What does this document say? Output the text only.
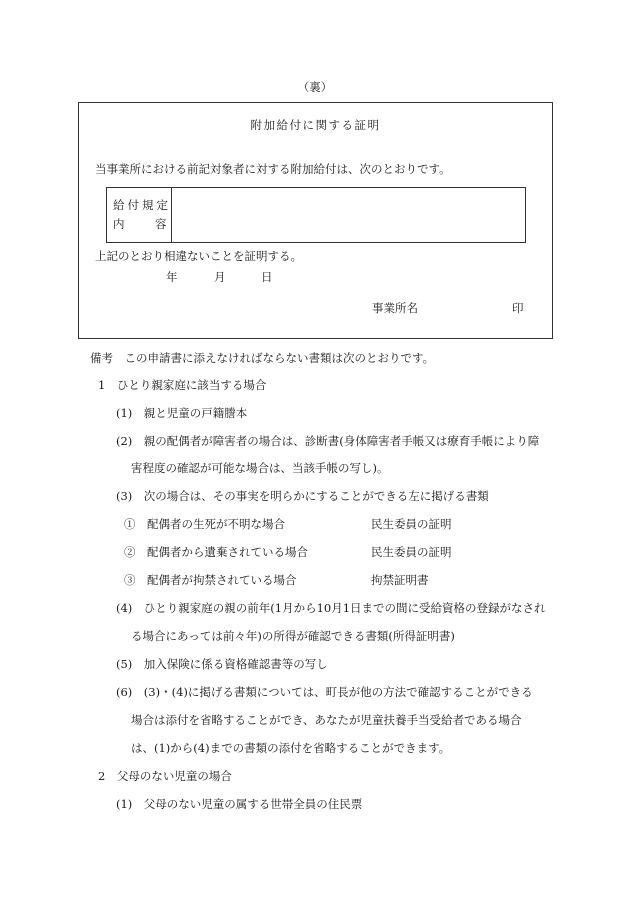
（裏）
附加給付に関する証明
当事業所における前記対象者に対する附加給付は、次のとおりです。
給付規定
内	容
上記のとおり相違ないことを証明する。
年	月	日
事業所名	印
備考　この申請書に添えなければならない書類は次のとおりです。
1　ひとり親家庭に該当する場合
(1)　親と児童の戸籍謄本
(2)　親の配偶者が障害者の場合は、診断書(身体障害者手帳又は療育手帳により障
害程度の確認が可能な場合は、当該手帳の写し)。
(3)　次の場合は、その事実を明らかにすることができる左に掲げる書類
①　配偶者の生死が不明な場合	民生委員の証明
②　配偶者から遺棄されている場合	民生委員の証明
③　配偶者が拘禁されている場合	拘禁証明書
(4)　ひとり親家庭の親の前年(1月から10月1日までの間に受給資格の登録がなされ
る場合にあっては前々年)の所得が確認できる書類(所得証明書)
(5)　加入保険に係る資格確認書等の写し
(6)　(3)・(4)に掲げる書類については、町長が他の方法で確認することができる
場合は添付を省略することができ、あなたが児童扶養手当受給者である場合
は、(1)から(4)までの書類の添付を省略することができます。
2　父母のない児童の場合
(1)　父母のない児童の属する世帯全員の住民票
